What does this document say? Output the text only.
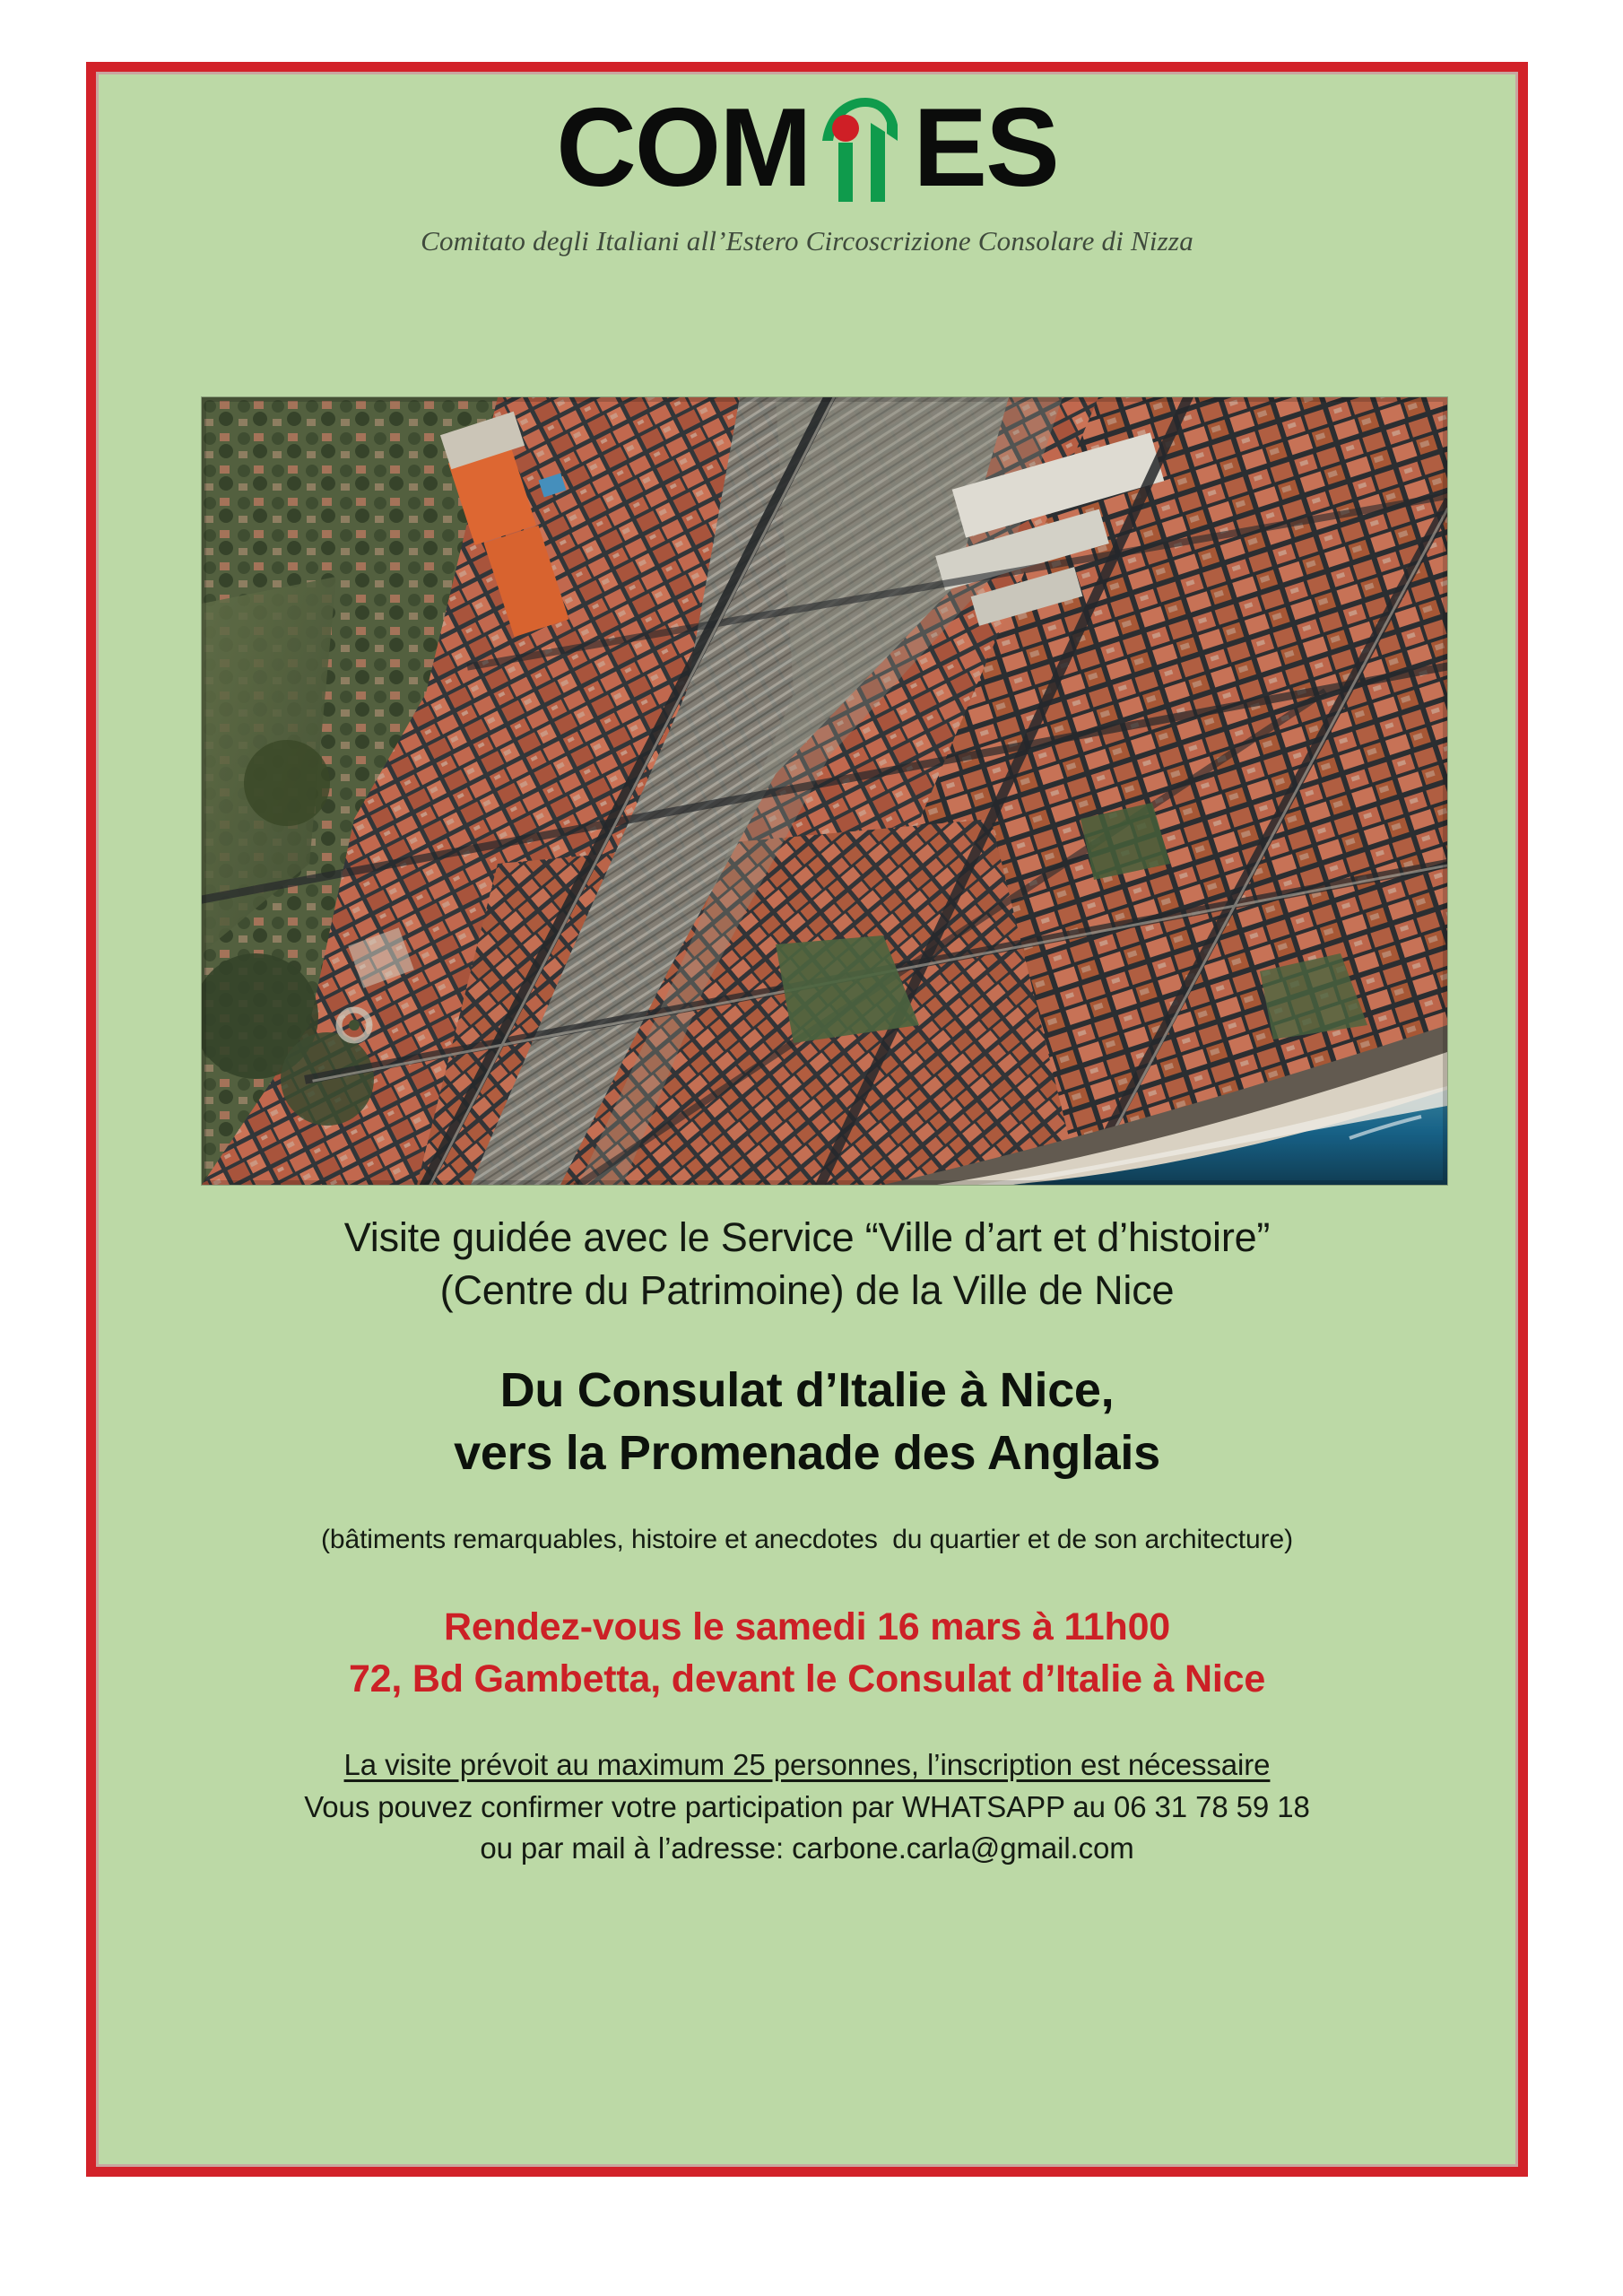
COM ES
Comitato degli Italiani all’Estero Circoscrizione Consolare di Nizza
Visite guidée avec le Service “Ville d’art et d’histoire”
(Centre du Patrimoine) de la Ville de Nice
Du Consulat d’Italie à Nice,
vers la Promenade des Anglais
(bâtiments remarquables, histoire et anecdotes  du quartier et de son architecture)
Rendez-vous le samedi 16 mars à 11h00
72, Bd Gambetta, devant le Consulat d’Italie à Nice
La visite prévoit au maximum 25 personnes, l’inscription est nécessaire
Vous pouvez confirmer votre participation par WHATSAPP au 06 31 78 59 18
ou par mail à l’adresse: carbone.carla@gmail.com
